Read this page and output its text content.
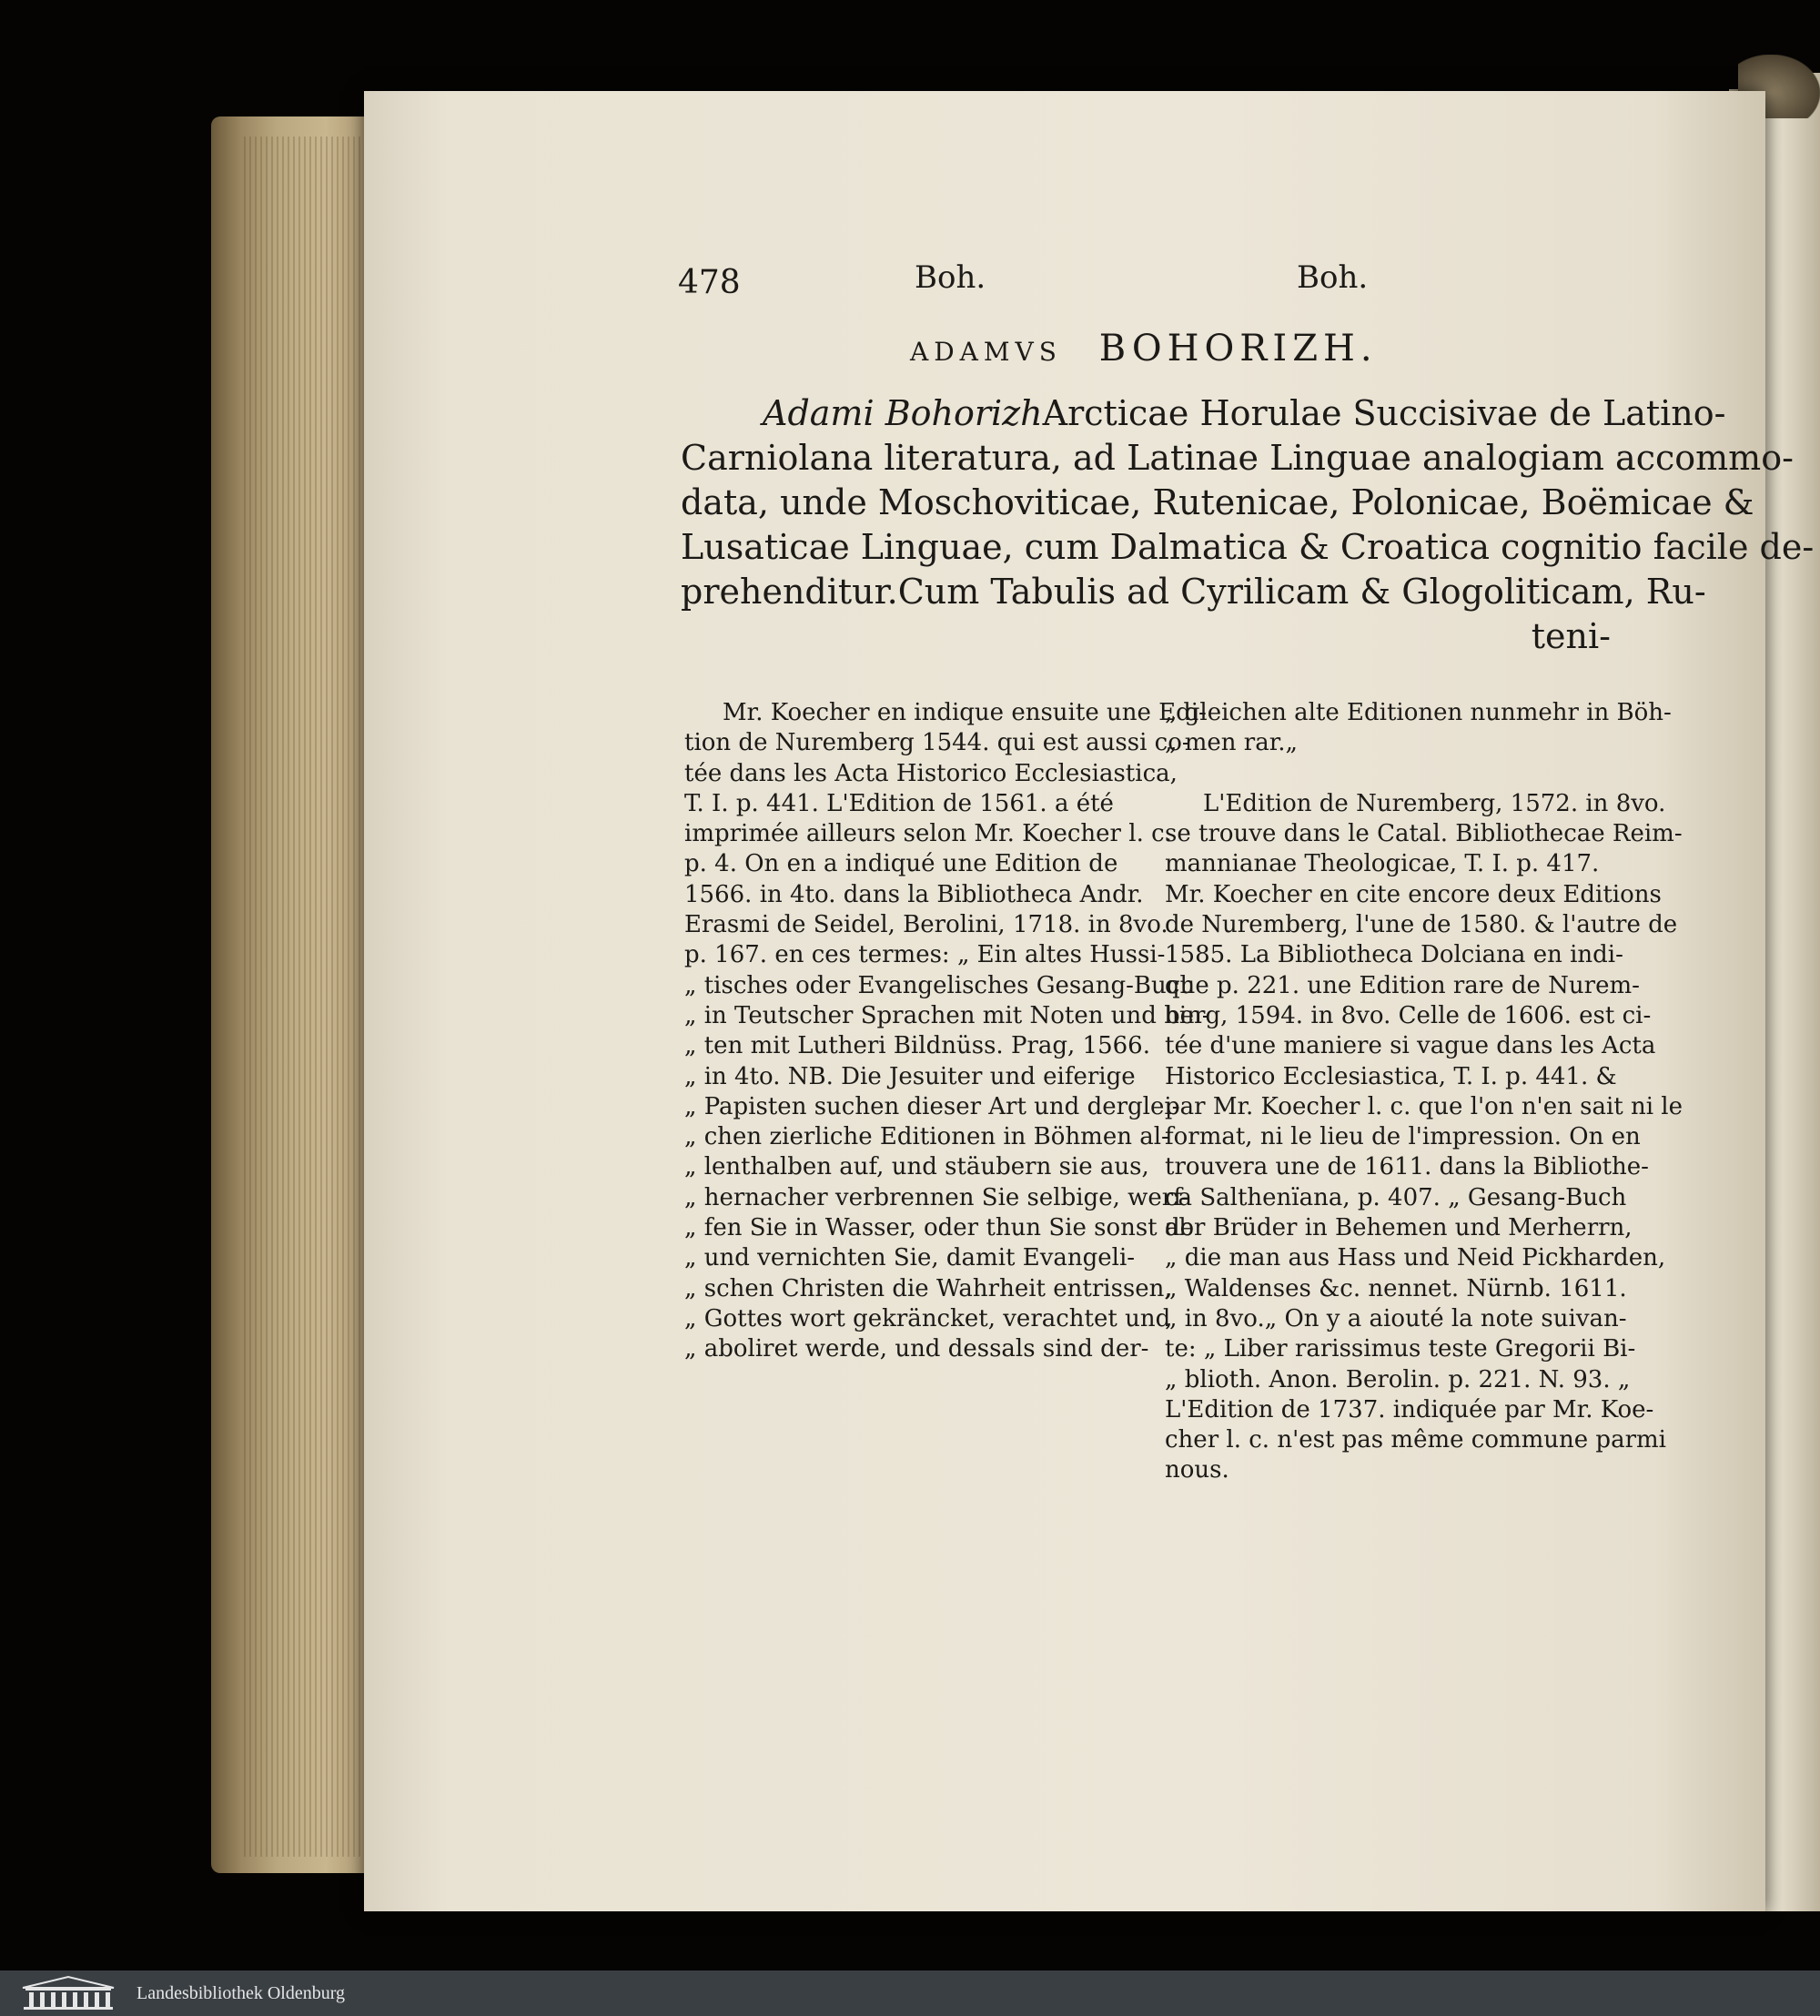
478	Boh.	Boh.
ADAMVS BOHORIZH.
Adami Bohorizh Arcticae Horulae Succisivae de Latino-
Carniolana literatura, ad Latinae Linguae analogiam accommo-
data, unde Moschoviticae, Rutenicae, Polonicae, Boëmicae &
Lusaticae Linguae, cum Dalmatica & Croatica cognitio facile de-
prehenditur. Cum Tabulis ad Cyrilicam & Glogoliticam, Ru-
teni-
Mr. Koecher en indique ensuite une Edi-
tion de Nuremberg 1544. qui est aussi co-
tée dans les Acta Historico Ecclesiastica,
T. I. p. 441. L'Edition de 1561. a été
imprimée ailleurs selon Mr. Koecher l. c.
p. 4. On en a indiqué une Edition de
1566. in 4to. dans la Bibliotheca Andr.
Erasmi de Seidel, Berolini, 1718. in 8vo.
p. 167. en ces termes: „ Ein altes Hussi-
„ tisches oder Evangelisches Gesang-Buch
„ in Teutscher Sprachen mit Noten und hin-
„ ten mit Lutheri Bildnüss. Prag, 1566.
„ in 4to. NB. Die Jesuiter und eiferige
„ Papisten suchen dieser Art und derglei-
„ chen zierliche Editionen in Böhmen al-
„ lenthalben auf, und stäubern sie aus,
„ hernacher verbrennen Sie selbige, werf-
„ fen Sie in Wasser, oder thun Sie sonst ab
„ und vernichten Sie, damit Evangeli-
„ schen Christen die Wahrheit entrissen,
„ Gottes wort gekräncket, verachtet und
„ aboliret werde, und dessals sind der-
„ gleichen alte Editionen nunmehr in Böh-
„ men rar.„
L'Edition de Nuremberg, 1572. in 8vo.
se trouve dans le Catal. Bibliothecae Reim-
mannianae Theologicae, T. I. p. 417.
Mr. Koecher en cite encore deux Editions
de Nuremberg, l'une de 1580. & l'autre de
1585. La Bibliotheca Dolciana en indi-
que p. 221. une Edition rare de Nurem-
berg, 1594. in 8vo. Celle de 1606. est ci-
tée d'une maniere si vague dans les Acta
Historico Ecclesiastica, T. I. p. 441. &
par Mr. Koecher l. c. que l'on n'en sait ni le
format, ni le lieu de l'impression. On en
trouvera une de 1611. dans la Bibliothe-
ca Salthenïana, p. 407. „ Gesang-Buch
der Brüder in Behemen und Merherrn,
„ die man aus Hass und Neid Pickharden,
„ Waldenses &c. nennet. Nürnb. 1611.
„ in 8vo.„ On y a aiouté la note suivan-
te: „ Liber rarissimus teste Gregorii Bi-
„ blioth. Anon. Berolin. p. 221. N. 93. „
L'Edition de 1737. indiquée par Mr. Koe-
cher l. c. n'est pas même commune parmi
nous.
Landesbibliothek Oldenburg
